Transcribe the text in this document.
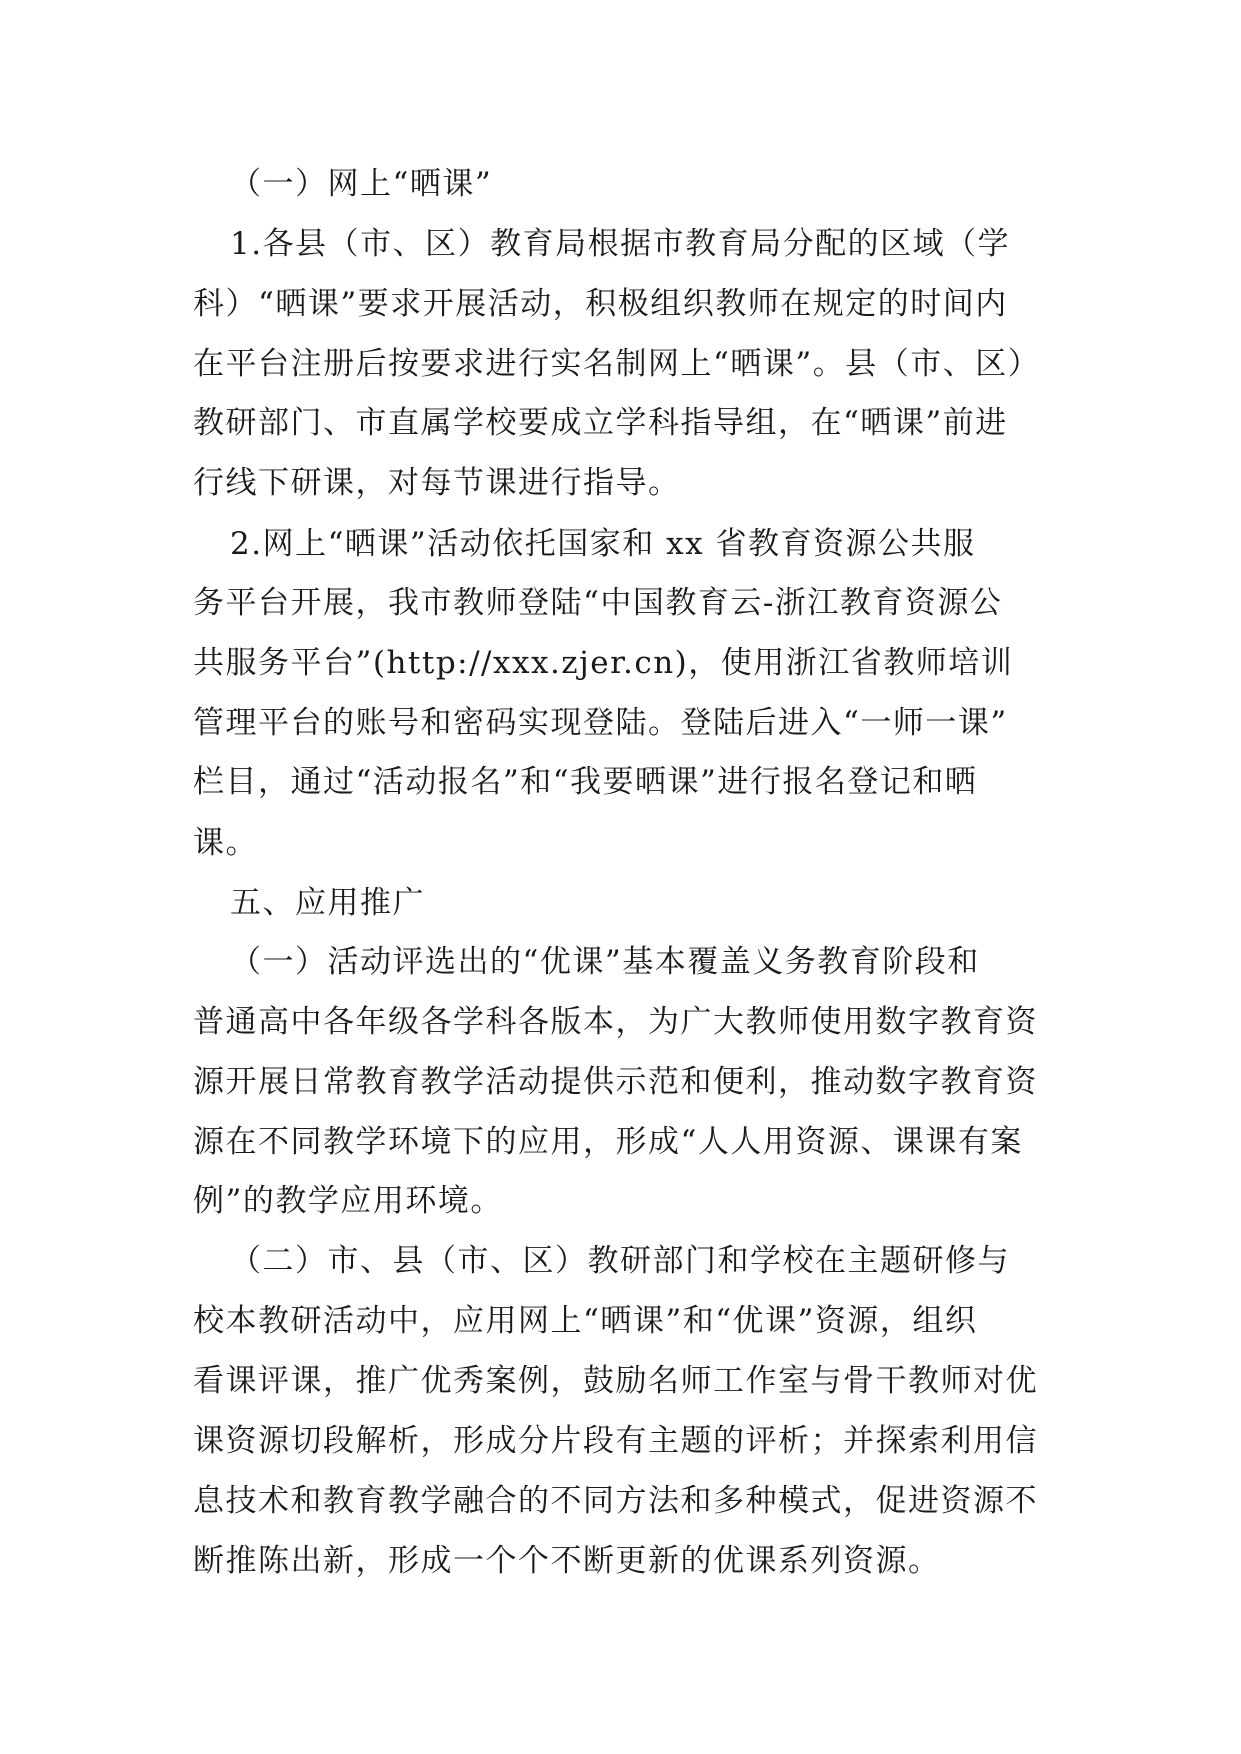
（一）网上“晒课”
1.各县（市、区）教育局根据市教育局分配的区域（学
科）“晒课”要求开展活动，积极组织教师在规定的时间内
在平台注册后按要求进行实名制网上“晒课”。县（市、区）
教研部门、市直属学校要成立学科指导组，在“晒课”前进
行线下研课，对每节课进行指导。
2.网上“晒课”活动依托国家和 xx 省教育资源公共服
务平台开展，我市教师登陆“中国教育云-浙江教育资源公
共服务平台”(http://xxx.zjer.cn)，使用浙江省教师培训
管理平台的账号和密码实现登陆。登陆后进入“一师一课”
栏目，通过“活动报名”和“我要晒课”进行报名登记和晒
课。
五、应用推广
（一）活动评选出的“优课”基本覆盖义务教育阶段和
普通高中各年级各学科各版本，为广大教师使用数字教育资
源开展日常教育教学活动提供示范和便利，推动数字教育资
源在不同教学环境下的应用，形成“人人用资源、课课有案
例”的教学应用环境。
（二）市、县（市、区）教研部门和学校在主题研修与
校本教研活动中，应用网上“晒课”和“优课”资源，组织
看课评课，推广优秀案例，鼓励名师工作室与骨干教师对优
课资源切段解析，形成分片段有主题的评析；并探索利用信
息技术和教育教学融合的不同方法和多种模式，促进资源不
断推陈出新，形成一个个不断更新的优课系列资源。
